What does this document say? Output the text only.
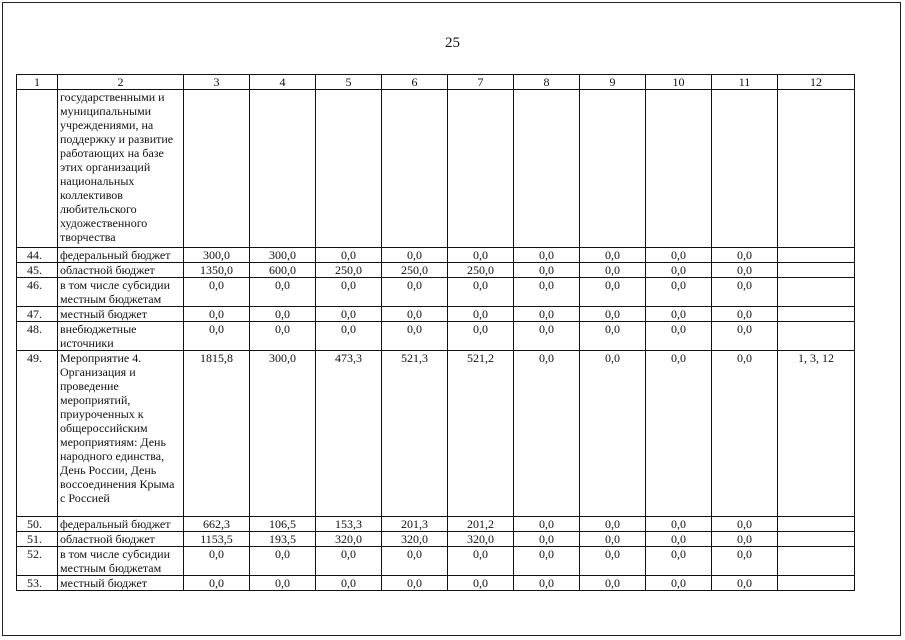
25
1	2	3	4	5	6	7	8	9	10	11	12
	государственными и муниципальными учреждениями, на поддержку и развитие работающих на базе этих организаций национальных коллективов любительского художественного творчества										
44.	федеральный бюджет	300,0	300,0	0,0	0,0	0,0	0,0	0,0	0,0	0,0	
45.	областной бюджет	1350,0	600,0	250,0	250,0	250,0	0,0	0,0	0,0	0,0	
46.	в том числе субсидии местным бюджетам	0,0	0,0	0,0	0,0	0,0	0,0	0,0	0,0	0,0	
47.	местный бюджет	0,0	0,0	0,0	0,0	0,0	0,0	0,0	0,0	0,0	
48.	внебюджетные источники	0,0	0,0	0,0	0,0	0,0	0,0	0,0	0,0	0,0	
49.	Мероприятие 4. Организация и проведение мероприятий, приуроченных к общероссийским мероприятиям: День народного единства, День России, День воссоединения Крыма с Россией	1815,8	300,0	473,3	521,3	521,2	0,0	0,0	0,0	0,0	1, 3, 12
50.	федеральный бюджет	662,3	106,5	153,3	201,3	201,2	0,0	0,0	0,0	0,0	
51.	областной бюджет	1153,5	193,5	320,0	320,0	320,0	0,0	0,0	0,0	0,0	
52.	в том числе субсидии местным бюджетам	0,0	0,0	0,0	0,0	0,0	0,0	0,0	0,0	0,0	
53.	местный бюджет	0,0	0,0	0,0	0,0	0,0	0,0	0,0	0,0	0,0	
